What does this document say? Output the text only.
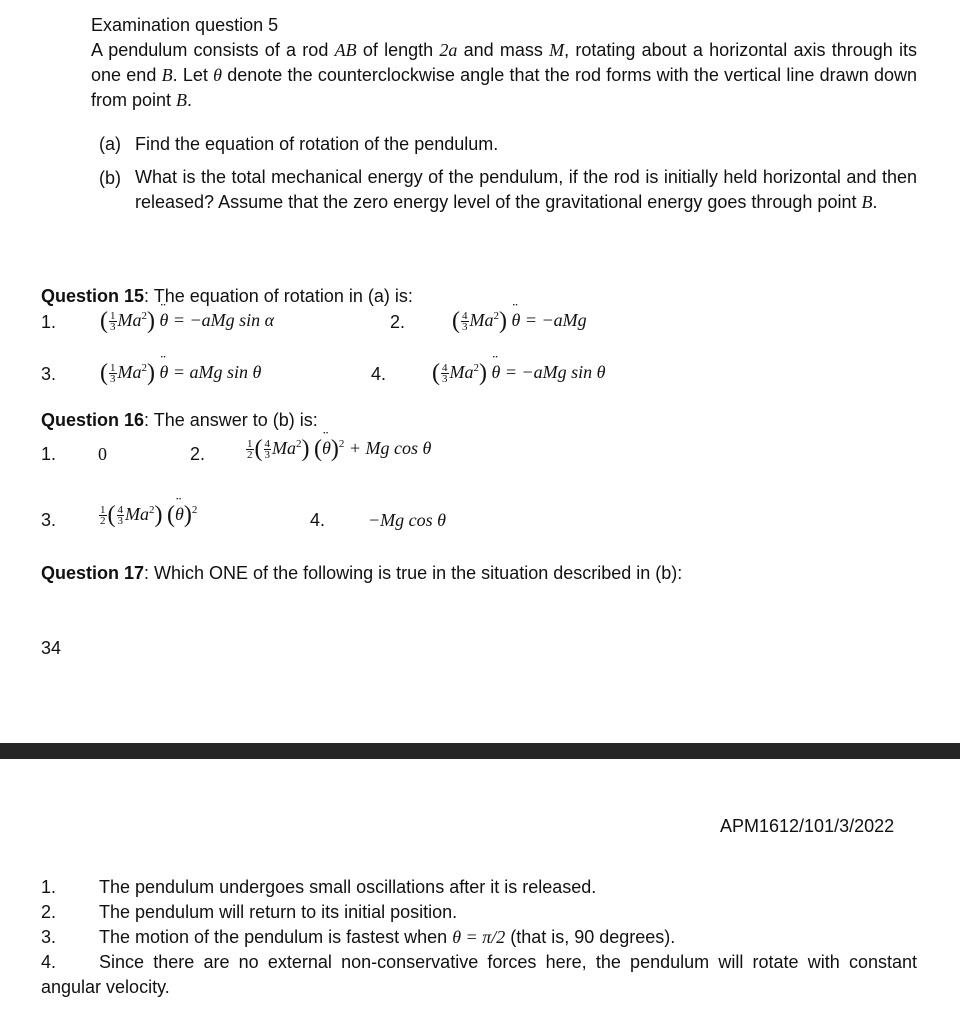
Examination question 5
A pendulum consists of a rod AB of length 2a and mass M, rotating about a horizontal axis through its one end B. Let θ denote the counterclockwise angle that the rod forms with the vertical line drawn down from point B.
(a) Find the equation of rotation of the pendulum.
(b) What is the total mechanical energy of the pendulum, if the rod is initially held horizontal and then released? Assume that the zero energy level of the gravitational energy goes through point B.
Question 15: The equation of rotation in (a) is:
1. ( $\frac{1}{3} Ma^2$) ¨ θ = −aMg sin α	2. ( $\frac{4}{3} Ma^2$) ¨ θ = −aMg
3. ( $\frac{1}{3} Ma^2$) ¨ θ = aMg sin θ	4. ( $\frac{4}{3} Ma^2$) ¨ θ = −aMg sin θ
Question 16: The answer to (b) is:
1. 0	2.	$\frac{1}{2}$ ( $\frac{4}{3} Ma^2$) (¨ θ)$^2$ + Mg cos θ
3.	$\frac{1}{2}$ ( $\frac{4}{3} Ma^2$) (¨ θ)$^2$	4. −Mg cos θ
Question 17: Which ONE of the following is true in the situation described in (b):
34
APM1612/101/3/2022
1. The pendulum undergoes small oscillations after it is released.
2. The pendulum will return to its initial position.
3. The motion of the pendulum is fastest when θ = π/2 (that is, 90 degrees).
4. Since there are no external non-conservative forces here, the pendulum will rotate with constant angular velocity.
